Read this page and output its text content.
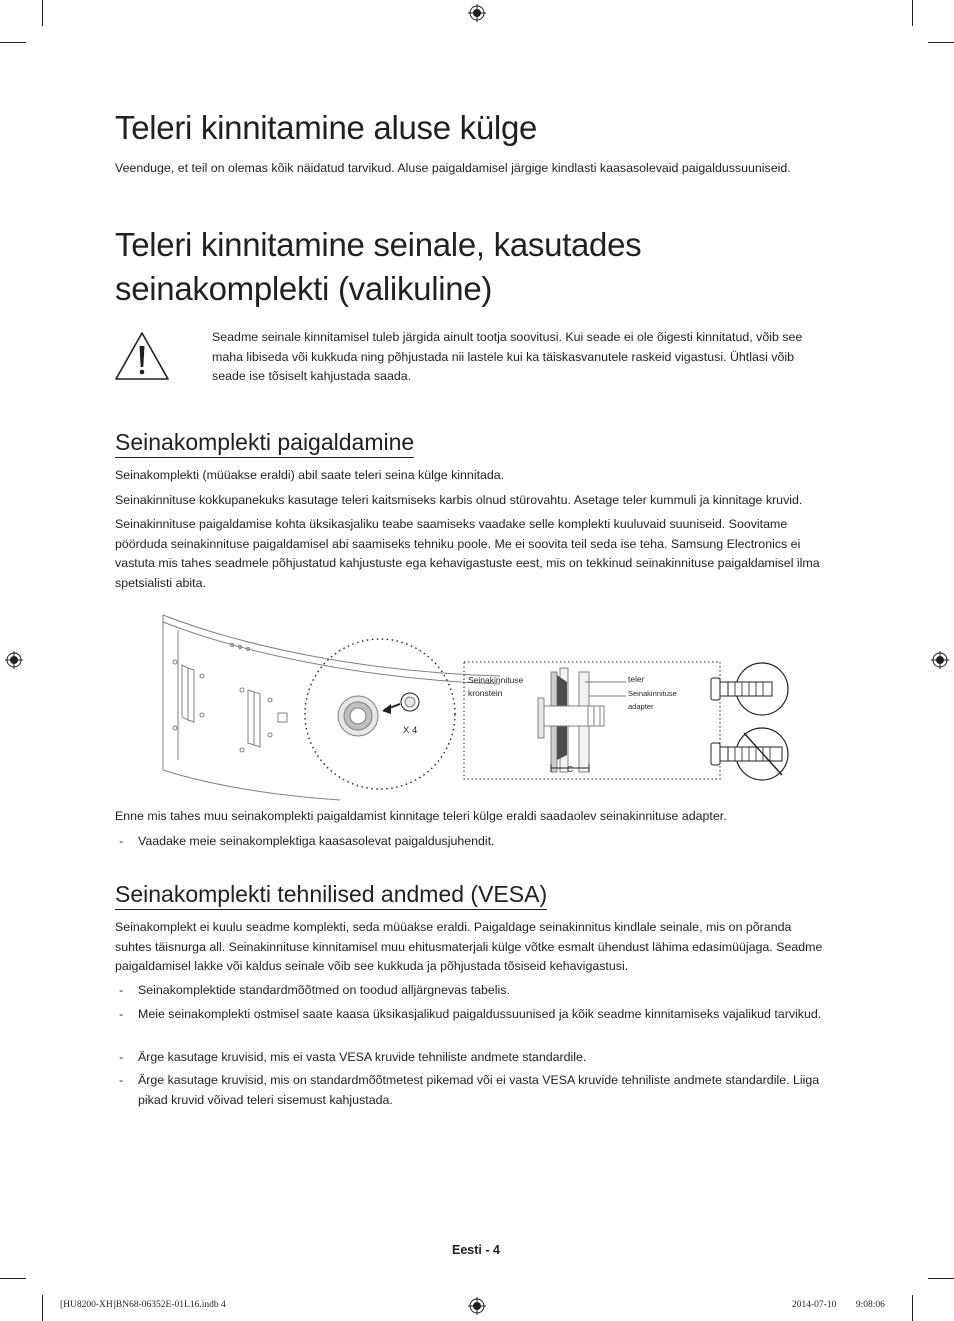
Teleri kinnitamine aluse külge

Veenduge, et teil on olemas kõik näidatud tarvikud. Aluse paigaldamisel järgige kindlasti kaasasolevaid paigaldussuuniseid.

Teleri kinnitamine seinale, kasutades
seinakomplekti (valikuline)

Seadme seinale kinnitamisel tuleb järgida ainult tootja soovitusi. Kui seade ei ole õigesti kinnitatud, võib see maha libiseda või kukkuda ning põhjustada nii lastele kui ka täiskasvanutele raskeid vigastusi. Ühtlasi võib seade ise tõsiselt kahjustada saada.

Seinakomplekti paigaldamine

Seinakomplekti (müüakse eraldi) abil saate teleri seina külge kinnitada.

Seinakinnituse kokkupanekuks kasutage teleri kaitsmiseks karbis olnud stürovahtu. Asetage teler kummuli ja kinnitage kruvid.

Seinakinnituse paigaldamise kohta üksikasjaliku teabe saamiseks vaadake selle komplekti kuuluvaid suuniseid. Soovitame pöörduda seinakinnituse paigaldamisel abi saamiseks tehniku poole. Me ei soovita teil seda ise teha. Samsung Electronics ei vastuta mis tahes seadmele põhjustatud kahjustuste ega kehavigastuste eest, mis on tekkinud seinakinnituse paigaldamisel ilma spetsialisti abita.

X 4
Seinakinnituse
kronstein
teler
Seinakinnituse
adapter
C

Enne mis tahes muu seinakomplekti paigaldamist kinnitage teleri külge eraldi saadaolev seinakinnituse adapter.

- Vaadake meie seinakomplektiga kaasasolevat paigaldusjuhendit.
Seinakomplekti tehnilised andmed (VESA)

Seinakomplekt ei kuulu seadme komplekti, seda müüakse eraldi. Paigaldage seinakinnitus kindlale seinale, mis on põranda suhtes täisnurga all. Seinakinnituse kinnitamisel muu ehitusmaterjali külge võtke esmalt ühendust lähima edasimüüjaga. Seadme paigaldamisel lakke või kaldus seinale võib see kukkuda ja põhjustada tõsiseid kehavigastusi.

- Seinakomplektide standardmõõtmed on toodud alljärgnevas tabelis.
- Meie seinakomplekti ostmisel saate kaasa üksikasjalikud paigaldussuunised ja kõik seadme kinnitamiseks vajalikud tarvikud.
- Ärge kasutage kruvisid, mis ei vasta VESA kruvide tehniliste andmete standardile.
- Ärge kasutage kruvisid, mis on standardmõõtmetest pikemad või ei vasta VESA kruvide tehniliste andmete standardile. Liiga pikad kruvid võivad teleri sisemust kahjustada.
Eesti - 4
[HU8200-XH]BN68-06352E-01L16.indb 4	2014-07-10 ￿￿ 9:08:06
